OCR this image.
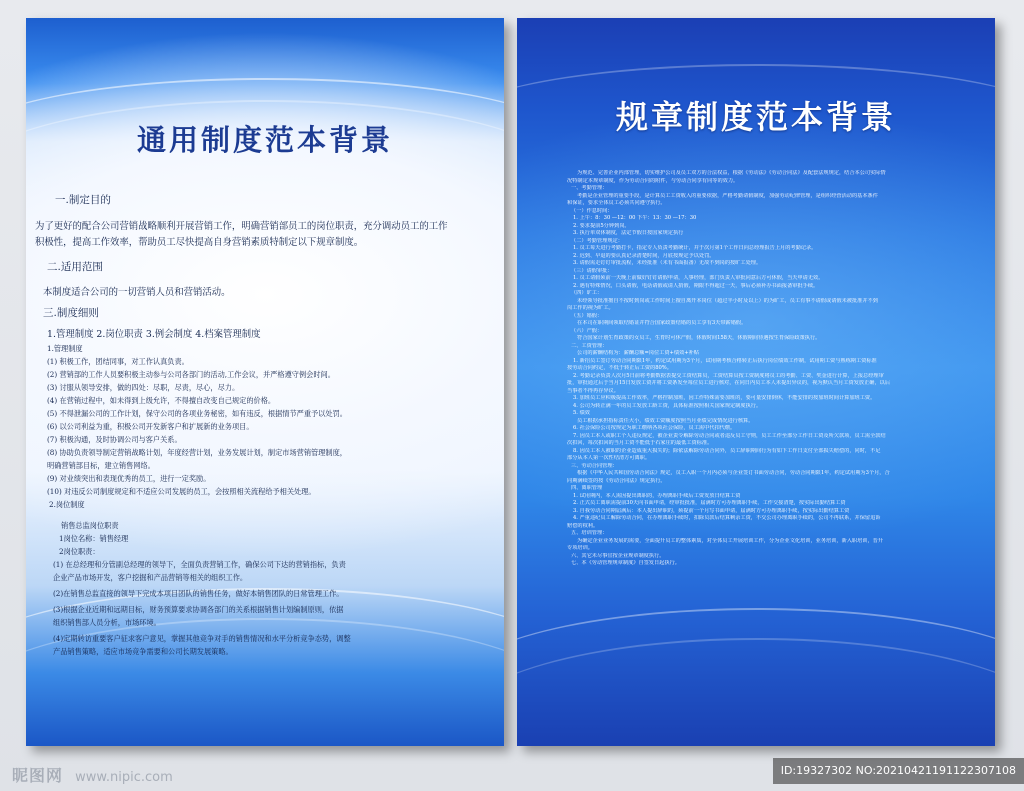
通用制度范本背景
一.制定目的
为了更好的配合公司营销战略顺利开展营销工作，明确营销部员工的岗位职责，充分调动员工的工作
积极性，提高工作效率，帮助员工尽快提高自身营销素质特制定以下规章制度。
二.适用范围
本制度适合公司的一切营销人员和营销活动。
三.制度细则
1.管理制度 2.岗位职责 3.例会制度 4.档案管理制度
1.管理制度
(1) 积极工作，团结同事，对工作认真负责。
(2) 营销部的工作人员要积极主动参与公司各部门的活动,工作会议，并严格遵守例会时间。
(3) 讨服从领导安排，做的四处：尽职，尽责，尽心，尽力。
(4) 在营销过程中，如未得到上级允许，不得擅自改变自己规定的价格。
(5) 不得泄漏公司的工作计划，保守公司的各项业务秘密，如有违反，根据情节严重予以处罚。
(6) 以公司利益为重，积极公司开发新客户和扩展新的业务项目。
(7) 积极沟通，及时协调公司与客户关系。
(8) 协助负责领导制定营销战略计划，年度经营计划，业务发展计划，制定市场营销管理制度，
明确营销部目标，建立销售网络。
(9) 对业绩突出和表现优秀的员工，进行一定奖励。
(10) 对违反公司制度规定和不适应公司发展的员工，会按照相关流程给予相关处理。
2.岗位制度
销售总监岗位职责
1岗位名称：销售经理
2岗位职责：
(1) 在总经理和分管副总经理的领导下，全面负责营销工作，确保公司下达的营销指标，负责
企业产品市场开发，客户挖掘和产品营销等相关的组织工作。
(2)在销售总监直接的领导下完成本项目团队的销售任务，做好本销售团队的日常管理工作。
(3)根据企业近期和远期目标，财务预算要求协调各部门的关系根据销售计划编制原则，依据
组织销售部人员分析，市场环境。
(4)定期转访重要客户征求客户意见，掌握其他竞争对手的销售情况和水平分析竞争态势，调整
产品销售策略，适应市场竞争需要和公司长期发展策略。
规章制度范本背景
为规范、完善企业内部管理，切实维护公司及员工双方的合法权益，根据《劳动法》《劳动合同法》及配套法规规定，结合本公司实际情
况特制定本规章制度，作为劳动合同的附件，与劳动合同享有同等的效力。
一、考勤管理：
考勤是企业管理的重要手段，是计算员工工资收入的重要依据，严格考勤请假制度，加强劳动纪律管理，是组织经营活动的基本条件
和保证，要求全体员工必须共同遵守执行。
（一）作息时间：
1. 上午：8：30 —12：00 下午：13：30 —17：30
2. 要求提前5分钟到岗。
3. 执行单双休制度，法定节假日按国家规定执行
（二）考勤管理规定：
1. 员工每天进行考勤打卡，指定专人负责考勤统计，并于次月第1个工作日向总经理报告上月的考勤记录。
2. 迟到、早退的要认真记录清楚时间，月底按规定予以处罚。
3. 请假需走钉钉审批流程，未经批准（未有书面报备）无故不到岗的按旷工处理。
（三）请假审批：
1. 员工请假须前一天晚上前做好钉钉请假申请，人事经理，部门负责人审批同意后方可休假，当天申请无效。
2. 遇有特殊情况，口头请假，电话请假或请人捎假，期限不得超过一天，事后必须补办书面报备审批手续。
（四）旷工：
未经领导批准擅自不按时到岗或工作时间上擅自离开本岗位（超过半小时及以上）的为旷工，员工有事不请假或请假未被批准并不到
岗工作的视为旷工。
（五）婚假：
在本司在职期间领取结婚证并符合国家政策结婚的员工享有3天带薪婚假。
（六）产假：
符合国家计划生育政策的女员工，生育时可休产假，休假时间158天，休假期间待遇按生育保险政策执行。
二、工资管理：
公司的薪酬结构为：薪酬总额=岗位工资+绩效+补贴
1. 新招员工签订劳动合同期限1年，约定试用期为3个月，试用期考核合格转正后执行岗位绩效工作制，试用期工资与熟练期工资标准
按劳动合同约定，不低于转正后工资的80%。
2. 考勤记录负责人次月5日前将考勤数据表提交工资结算员，工资结算员按工资制度将员工的考勤、工资、奖金进行计算，上报总经理审
批，审批通过后于当月15日发放工资并将工资条发至每位员工进行核对，在同日内员工本人未提出异议的，视为默认当月工资发放正确，以后
当事者不得再存异议。
3. 加班员工应积极提高工作效率，严格控制加班，因工作特殊需要加班的，要可量安排倒休，不能安排的按加班时间计算加班工资。
4. 公司为转正满一年的员工发放工龄工资，具体标准按照相关国家规定制度执行。
5. 绩效
员工根据承担指标责任大小，绩效工资额度按照当月业绩完成情况进行核算。
6. 社会保险公司按规定为职工缴纳各项社会保险，员工需中代扣代缴。
7. 因员工本人或职工个人违反规定，被企业责令解除劳动合同或者违反员工守则，员工工作至部分工作日工资及所欠款项，员工需全款结
次扣回，每次扣回的当月工资不能低于石家庄的最低工资标准。
8. 因员工本人被职的企业造成重大损失的；除依法解除劳动合同外，员工辞职期间行为有如下工作日支付全部损失赔偿的，同时，不足
部分从本人第一次性结清方可离职。
三、劳动合同管理：
根据《中华人民共和国劳动合同法》规定，员工入职一个月内必须与企业签订书面劳动合同，劳动合同期限1年，约定试用期为3个月，合
同期满续签的按《劳动合同法》规定执行。
四、离职管理
1. 试用期内，本人需因提出离职的，办理离职手续后工资发放日结算工资
2. 正式员工离职需提前30天向书面申请，经审批批准，届满时方可办理离职手续，工作交接清楚，按实际出勤结算工资
3. 自我劳动合同期届满后：本人提出辞职的，须提前一个月写书面申请，届满时方可办理离职手续，按实际出勤结算工资
4. 严重违纪员工解除劳动合同，在办理离职手续时，扣除员款后结算剩余工资，不交公司办理离职手续的，公司不再联系，并保留追诉
赔偿的权利。
五、培训管理：
为确定企业业务发展的需要，全面提升员工的整体素质，对全体员工开展培训工作，分为企业文化培训，业务培训，新入职培训，晋升
专项培训。
六、其它未尽事宜按企业规章制度执行。
七、本《劳动管理规章制度》自签发日起执行。
昵图网 www.nipic.com	ID:19327302 NO:20210421191122307108
